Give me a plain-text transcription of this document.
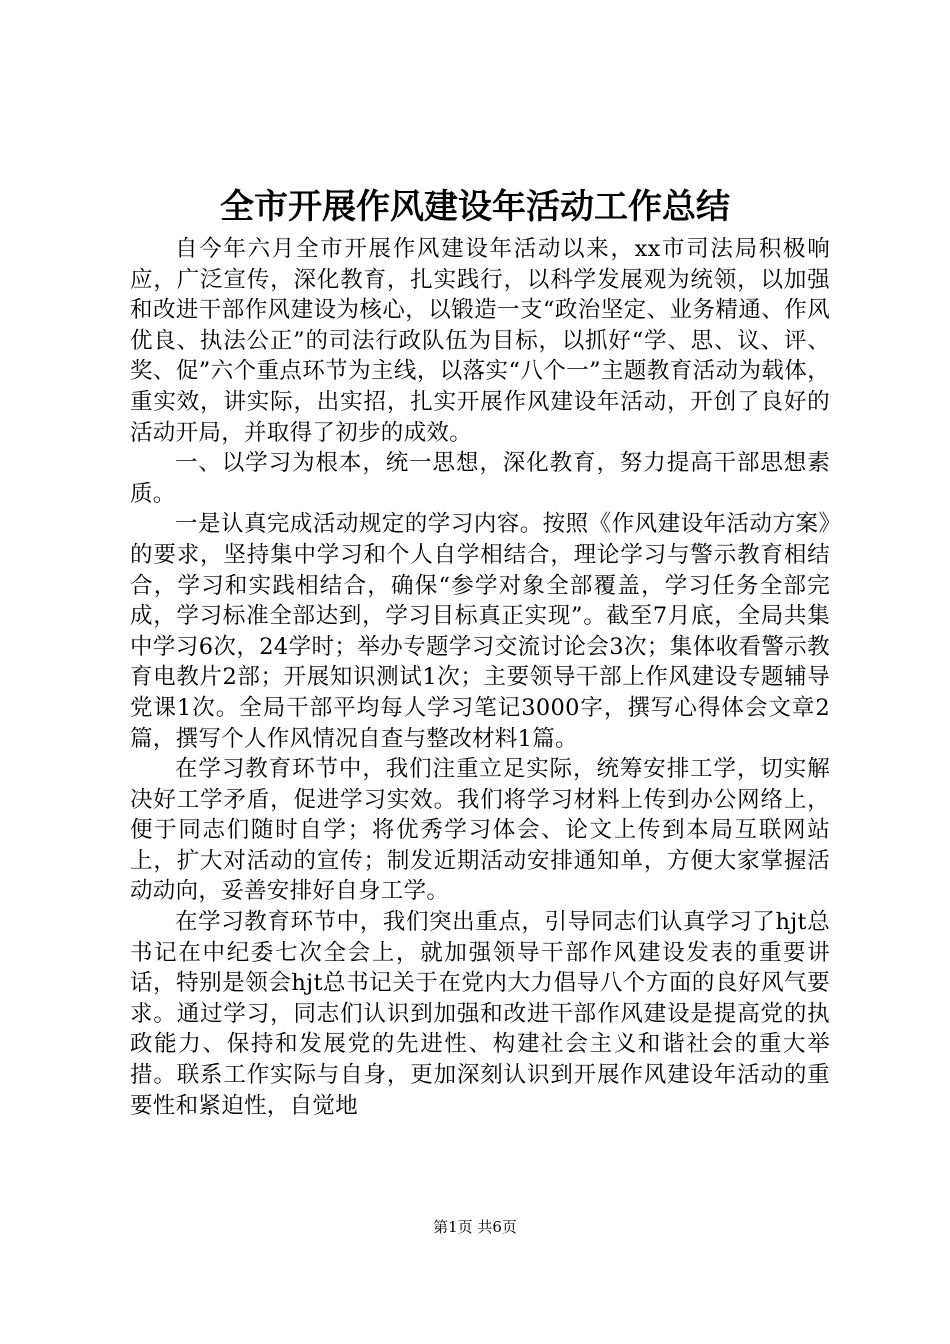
全市开展作风建设年活动工作总结

自今年六月全市开展作风建设年活动以来，xx市司法局积极响应，广泛宣传，深化教育，扎实践行，以科学发展观为统领，以加强和改进干部作风建设为核心，以锻造一支“政治坚定、业务精通、作风优良、执法公正”的司法行政队伍为目标，以抓好“学、思、议、评、奖、促”六个重点环节为主线，以落实“八个一”主题教育活动为载体，重实效，讲实际，出实招，扎实开展作风建设年活动，开创了良好的活动开局，并取得了初步的成效。

一、以学习为根本，统一思想，深化教育，努力提高干部思想素质。

一是认真完成活动规定的学习内容。按照《作风建设年活动方案》的要求，坚持集中学习和个人自学相结合，理论学习与警示教育相结合，学习和实践相结合，确保“参学对象全部覆盖，学习任务全部完成，学习标准全部达到，学习目标真正实现”。截至7月底，全局共集中学习6次，24学时；举办专题学习交流讨论会3次；集体收看警示教育电教片2部；开展知识测试1次；主要领导干部上作风建设专题辅导党课1次。全局干部平均每人学习笔记3000字，撰写心得体会文章2篇，撰写个人作风情况自查与整改材料1篇。

在学习教育环节中，我们注重立足实际，统筹安排工学，切实解决好工学矛盾，促进学习实效。我们将学习材料上传到办公网络上，便于同志们随时自学；将优秀学习体会、论文上传到本局互联网站上，扩大对活动的宣传；制发近期活动安排通知单，方便大家掌握活动动向，妥善安排好自身工学。

在学习教育环节中，我们突出重点，引导同志们认真学习了hjt总书记在中纪委七次全会上，就加强领导干部作风建设发表的重要讲话，特别是领会hjt总书记关于在党内大力倡导八个方面的良好风气要求。通过学习，同志们认识到加强和改进干部作风建设是提高党的执政能力、保持和发展党的先进性、构建社会主义和谐社会的重大举措。联系工作实际与自身，更加深刻认识到开展作风建设年活动的重要性和紧迫性，自觉地

第1页 共6页
